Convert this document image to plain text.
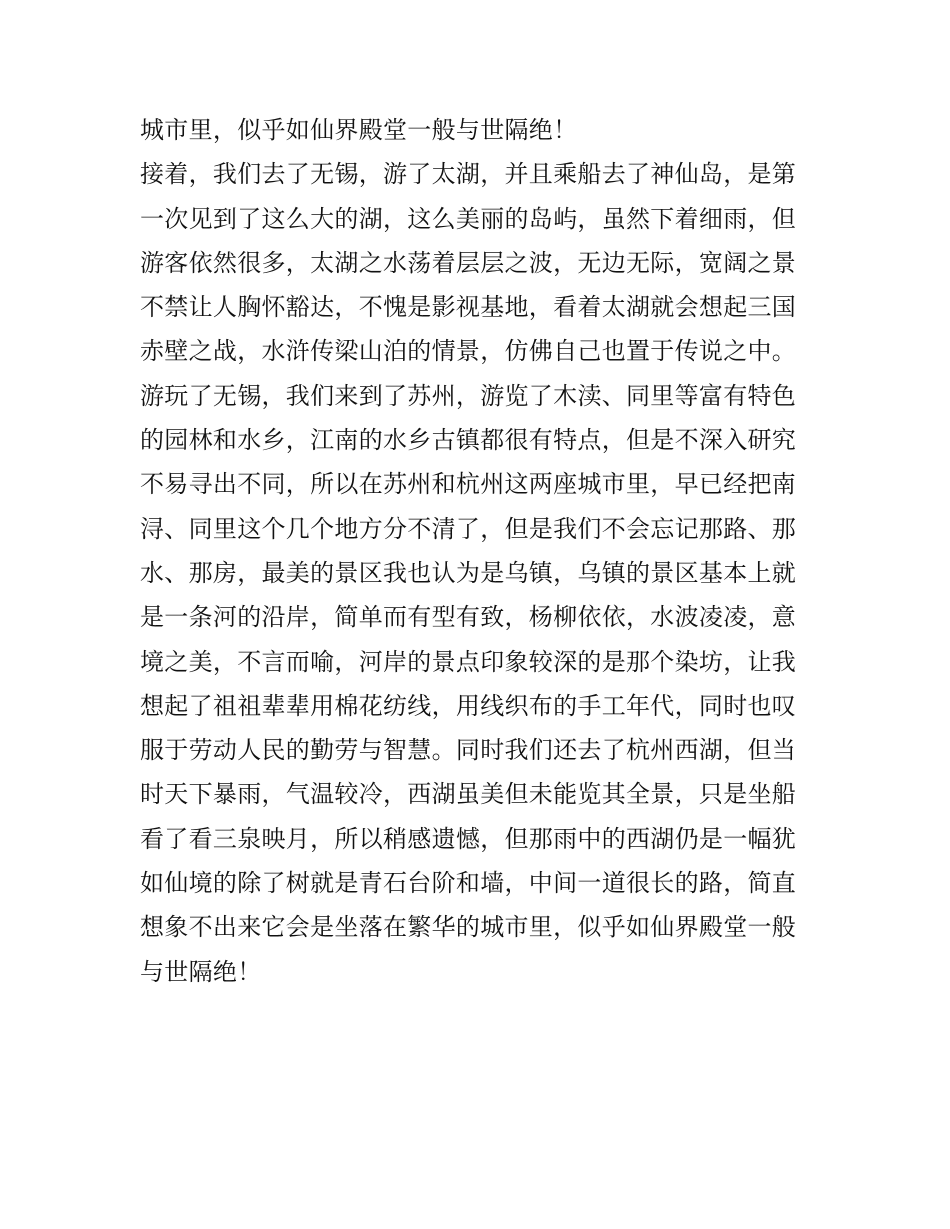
城市里，似乎如仙界殿堂一般与世隔绝！
接着，我们去了无锡，游了太湖，并且乘船去了神仙岛，是第
一次见到了这么大的湖，这么美丽的岛屿，虽然下着细雨，但
游客依然很多，太湖之水荡着层层之波，无边无际，宽阔之景
不禁让人胸怀豁达，不愧是影视基地，看着太湖就会想起三国
赤壁之战，水浒传梁山泊的情景，仿佛自己也置于传说之中。
游玩了无锡，我们来到了苏州，游览了木渎、同里等富有特色
的园林和水乡，江南的水乡古镇都很有特点，但是不深入研究
不易寻出不同，所以在苏州和杭州这两座城市里，早已经把南
浔、同里这个几个地方分不清了，但是我们不会忘记那路、那
水、那房，最美的景区我也认为是乌镇，乌镇的景区基本上就
是一条河的沿岸，简单而有型有致，杨柳依依，水波凌凌，意
境之美，不言而喻，河岸的景点印象较深的是那个染坊，让我
想起了祖祖辈辈用棉花纺线，用线织布的手工年代，同时也叹
服于劳动人民的勤劳与智慧。同时我们还去了杭州西湖，但当
时天下暴雨，气温较冷，西湖虽美但未能览其全景，只是坐船
看了看三泉映月，所以稍感遗憾，但那雨中的西湖仍是一幅犹
如仙境的除了树就是青石台阶和墙，中间一道很长的路，简直
想象不出来它会是坐落在繁华的城市里，似乎如仙界殿堂一般
与世隔绝！
